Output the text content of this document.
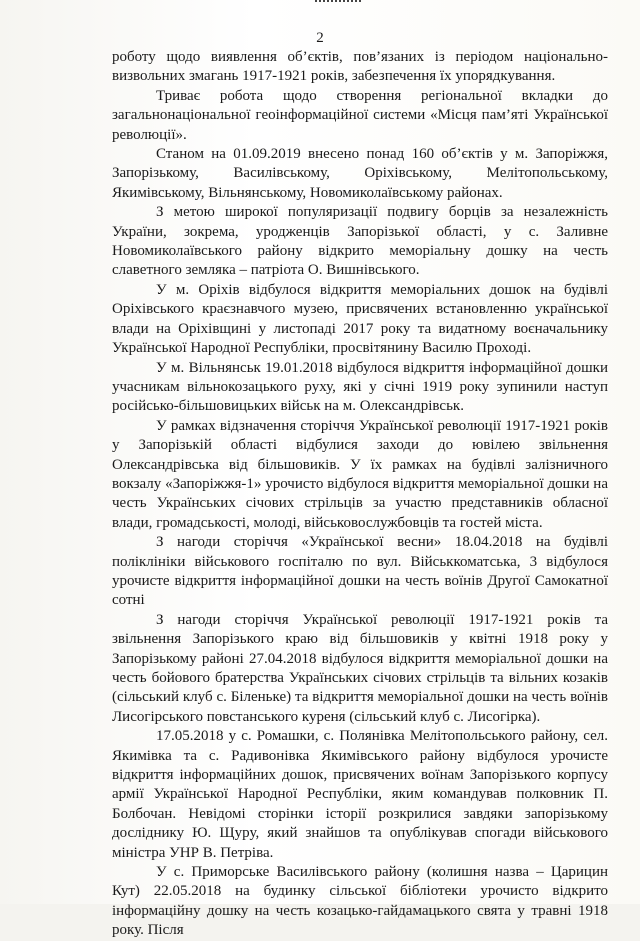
2

роботу щодо виявлення об’єктів, пов’язаних із періодом національно-визвольних змагань 1917-1921 років, забезпечення їх упорядкування.

Триває робота щодо створення регіональної вкладки до загальнонаціональної геоінформаційної системи «Місця пам’яті Української революції».

Станом на 01.09.2019 внесено понад 160 об’єктів у м. Запоріжжя, Запорізькому, Василівському, Оріхівському, Мелітопольському, Якимівському, Вільнянському, Новомиколаївському районах.

З метою широкої популяризації подвигу борців за незалежність України, зокрема, уродженців Запорізької області, у с. Заливне Новомиколаївського району відкрито меморіальну дошку на честь славетного земляка – патріота О. Вишнівського.

У м. Оріхів відбулося відкриття меморіальних дошок на будівлі Оріхівського краєзнавчого музею, присвячених встановленню української влади на Оріхівщині у листопаді 2017 року та видатному воєначальнику Української Народної Республіки, просвітянину Василю Проході.

У м. Вільнянськ 19.01.2018 відбулося відкриття інформаційної дошки учасникам вільнокозацького руху, які у січні 1919 року зупинили наступ російсько-більшовицьких військ на м. Олександрівськ.

У рамках відзначення сторіччя Української революції 1917-1921 років у Запорізькій області відбулися заходи до ювілею звільнення Олександрівська від більшовиків. У їх рамках на будівлі залізничного вокзалу «Запоріжжя-1» урочисто відбулося відкриття меморіальної дошки на честь Українських січових стрільців за участю представників обласної влади, громадськості, молоді, військовослужбовців та гостей міста.

З нагоди сторіччя «Української весни» 18.04.2018 на будівлі поліклініки військового госпіталю по вул. Військкоматська, 3 відбулося урочисте відкриття інформаційної дошки на честь воїнів Другої Самокатної сотні

З нагоди сторіччя Української революції 1917-1921 років та звільнення Запорізького краю від більшовиків у квітні 1918 року у Запорізькому районі 27.04.2018 відбулося відкриття меморіальної дошки на честь бойового братерства Українських січових стрільців та вільних козаків (сільський клуб с. Біленьке) та відкриття меморіальної дошки на честь воїнів Лисогірського повстанського куреня (сільський клуб с. Лисогірка).

17.05.2018 у с. Ромашки, с. Полянівка Мелітопольського району, сел. Якимівка та с. Радивонівка Якимівського району відбулося урочисте відкриття інформаційних дошок, присвячених воїнам Запорізького корпусу армії Української Народної Республіки, яким командував полковник П. Болбочан. Невідомі сторінки історії розкрилися завдяки запорізькому досліднику Ю. Щуру, який знайшов та опублікував спогади військового міністра УНР В. Петріва.

У с. Приморське Василівського району (колишня назва – Царицин Кут) 22.05.2018 на будинку сільської бібліотеки урочисто відкрито інформаційну дошку на честь козацько-гайдамацького свята у травні 1918 року. Після
